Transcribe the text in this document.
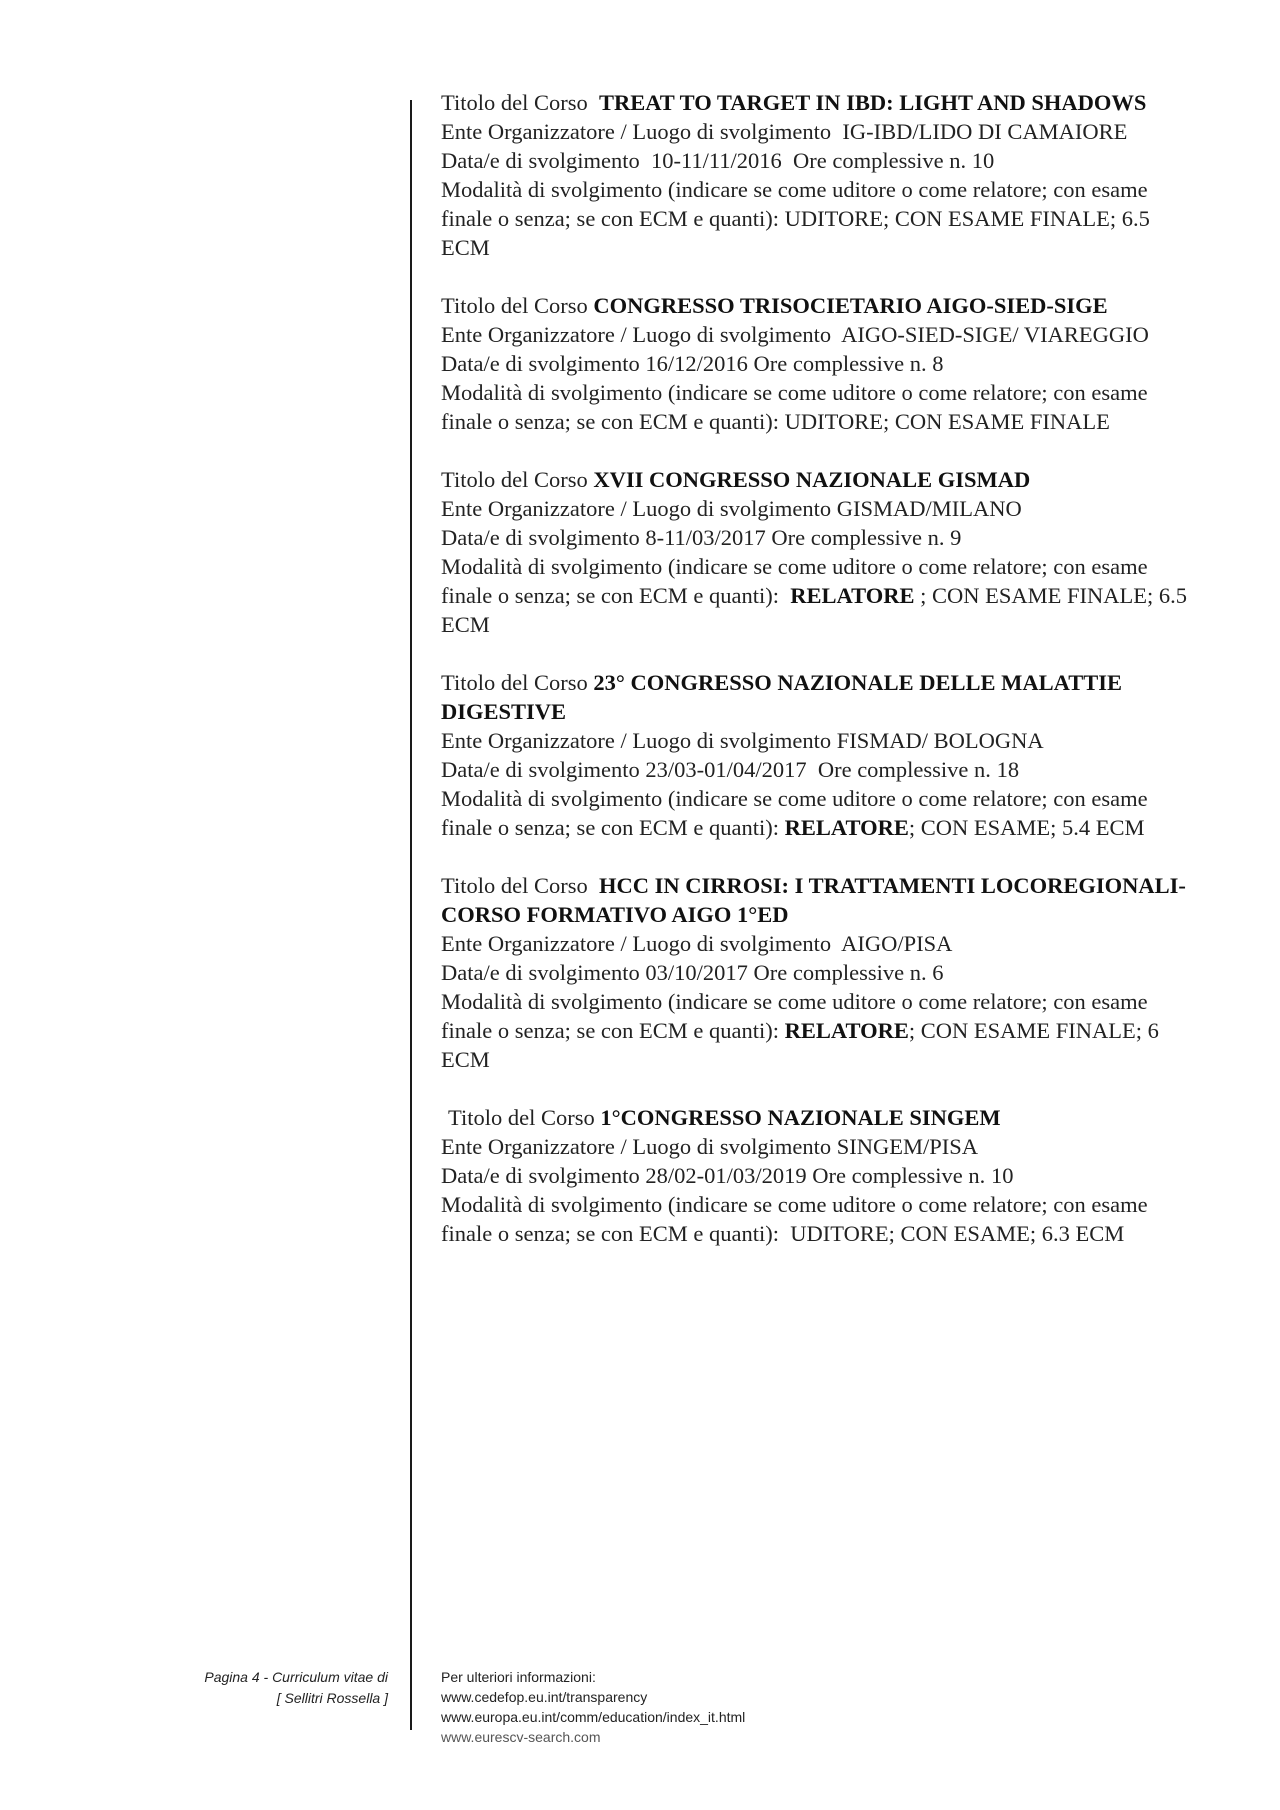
Titolo del Corso TREAT TO TARGET IN IBD: LIGHT AND SHADOWS

Ente Organizzatore / Luogo di svolgimento IG-IBD/LIDO DI CAMAIORE

Data/e di svolgimento 10-11/11/2016 Ore complessive n. 10

Modalità di svolgimento (indicare se come uditore o come relatore; con esame finale o senza; se con ECM e quanti): UDITORE; CON ESAME FINALE; 6.5 ECM

Titolo del Corso CONGRESSO TRISOCIETARIO AIGO-SIED-SIGE

Ente Organizzatore / Luogo di svolgimento AIGO-SIED-SIGE/ VIAREGGIO

Data/e di svolgimento 16/12/2016 Ore complessive n. 8

Modalità di svolgimento (indicare se come uditore o come relatore; con esame finale o senza; se con ECM e quanti): UDITORE; CON ESAME FINALE

Titolo del Corso XVII CONGRESSO NAZIONALE GISMAD

Ente Organizzatore / Luogo di svolgimento GISMAD/MILANO

Data/e di svolgimento 8-11/03/2017 Ore complessive n. 9

Modalità di svolgimento (indicare se come uditore o come relatore; con esame finale o senza; se con ECM e quanti): RELATORE ; CON ESAME FINALE; 6.5 ECM

Titolo del Corso 23° CONGRESSO NAZIONALE DELLE MALATTIE DIGESTIVE

Ente Organizzatore / Luogo di svolgimento FISMAD/ BOLOGNA

Data/e di svolgimento 23/03-01/04/2017 Ore complessive n. 18

Modalità di svolgimento (indicare se come uditore o come relatore; con esame finale o senza; se con ECM e quanti): RELATORE; CON ESAME; 5.4 ECM

Titolo del Corso HCC IN CIRROSI: I TRATTAMENTI LOCOREGIONALI- CORSO FORMATIVO AIGO 1°ED

Ente Organizzatore / Luogo di svolgimento AIGO/PISA

Data/e di svolgimento 03/10/2017 Ore complessive n. 6

Modalità di svolgimento (indicare se come uditore o come relatore; con esame finale o senza; se con ECM e quanti): RELATORE; CON ESAME FINALE; 6 ECM

Titolo del Corso 1°CONGRESSO NAZIONALE SINGEM

Ente Organizzatore / Luogo di svolgimento SINGEM/PISA

Data/e di svolgimento 28/02-01/03/2019 Ore complessive n. 10

Modalità di svolgimento (indicare se come uditore o come relatore; con esame finale o senza; se con ECM e quanti): UDITORE; CON ESAME; 6.3 ECM

Pagina 4 - Curriculum vitae di
[ Sellitri Rossella ]
Per ulteriori informazioni:
www.cedefop.eu.int/transparency
www.europa.eu.int/comm/education/index_it.html
www.eurescv-search.com
